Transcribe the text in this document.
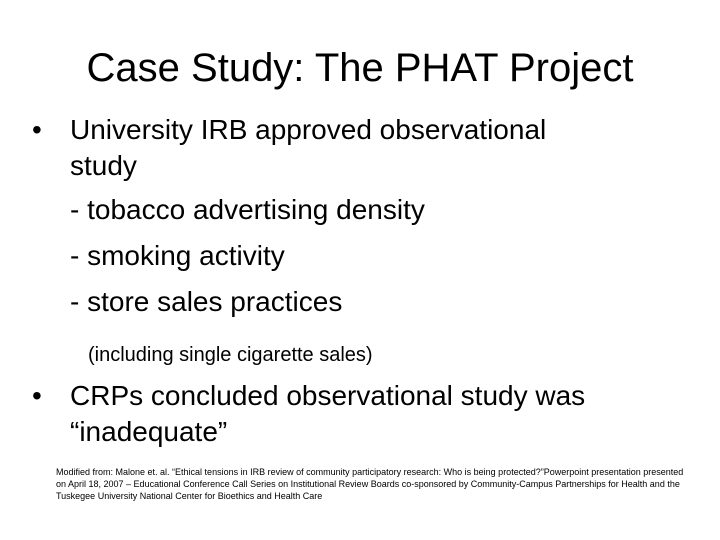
Case Study: The PHAT Project
•	University IRB approved observational
study
- tobacco advertising density
- smoking activity
- store sales practices
(including single cigarette sales)
•	CRPs concluded observational study was
“inadequate”
Modified from: Malone et. al. “Ethical tensions in IRB review of community participatory research: Who is being protected?”Powerpoint presentation presented on April 18, 2007 – Educational Conference Call Series on Institutional Review Boards co-sponsored by Community-Campus Partnerships for Health and the Tuskegee University National Center for Bioethics and Health Care
